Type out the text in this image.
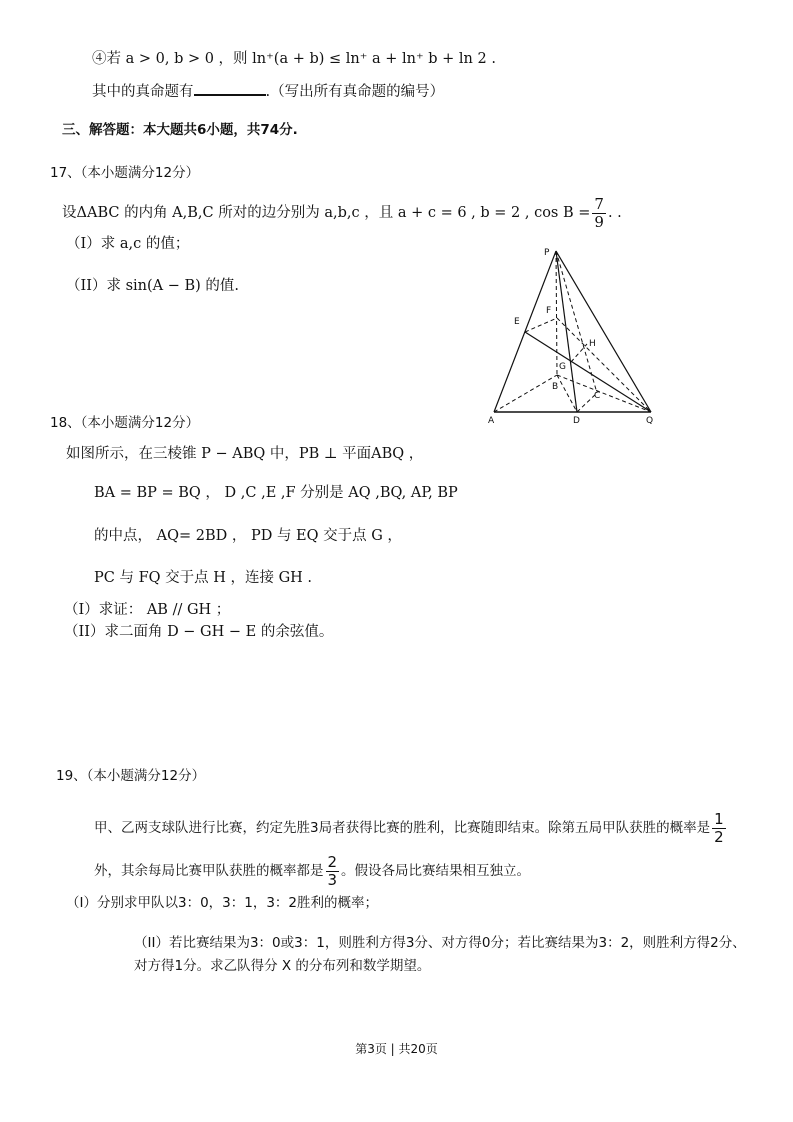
④若 a > 0, b > 0 ，则 ln⁺(a + b) ≤ ln⁺ a + ln⁺ b + ln 2 .
其中的真命题有	.（写出所有真命题的编号）
三、解答题：本大题共6小题，共74分.
17、（本小题满分12分）
设ΔABC 的内角 A,B,C 所对的边分别为 a,b,c ，且 a + c = 6 , b = 2 , $\cos B = \frac{7}{9}$ . .
（I）求 a,c 的值；
（II）求 sin(A − B) 的值.
P
A	D	Q
B
C
E
F
G
H
18、（本小题满分12分）
如图所示，在三棱锥 P − ABQ 中，PB ⊥ 平面ABQ ，
BA = BP = BQ ， D ,C ,E ,F 分别是 AQ ,BQ, AP, BP
的中点， AQ= 2BD ， PD 与 EQ 交于点 G ，
PC 与 FQ 交于点 H ，连接 GH .
（I）求证： AB // GH ；
（II）求二面角 D − GH − E 的余弦值。
19、（本小题满分12分）
甲、乙两支球队进行比赛，约定先胜3局者获得比赛的胜利，比赛随即结束。除第五局甲队获胜的概率是 $\frac{1}{2}$
外，其余每局比赛甲队获胜的概率都是 $\frac{2}{3}$ 。假设各局比赛结果相互独立。
（I）分别求甲队以3：0，3：1，3：2胜利的概率；
（II）若比赛结果为3：0或3：1，则胜利方得3分、对方得0分；若比赛结果为3：2，则胜利方得2分、
对方得1分。求乙队得分 X 的分布列和数学期望。
第3页 | 共20页
